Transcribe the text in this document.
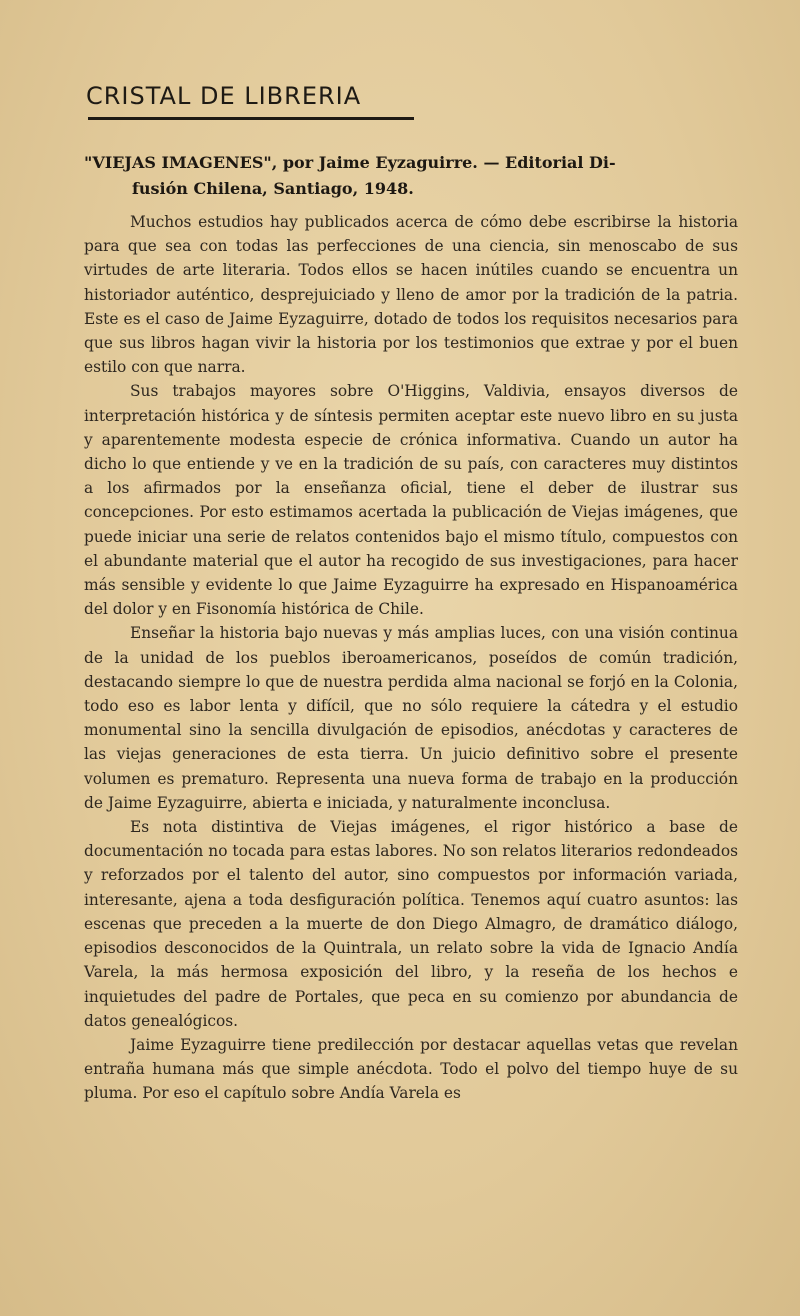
CRISTAL DE LIBRERIA
"VIEJAS IMAGENES", por Jaime Eyzaguirre. — Editorial Di-
fusión Chilena, Santiago, 1948.

Muchos estudios hay publicados acerca de cómo debe escribirse la historia para que sea con todas las perfecciones de una ciencia, sin menoscabo de sus virtudes de arte literaria. Todos ellos se hacen inútiles cuando se encuentra un historiador auténtico, desprejuiciado y lleno de amor por la tradición de la patria. Este es el caso de Jaime Eyzaguirre, dotado de todos los requisitos necesarios para que sus libros hagan vivir la historia por los testimonios que extrae y por el buen estilo con que narra.

Sus trabajos mayores sobre O'Higgins, Valdivia, ensayos diversos de interpretación histórica y de síntesis permiten aceptar este nuevo libro en su justa y aparentemente modesta especie de crónica informativa. Cuando un autor ha dicho lo que entiende y ve en la tradición de su país, con caracteres muy distintos a los afirmados por la enseñanza oficial, tiene el deber de ilustrar sus concepciones. Por esto estimamos acertada la publicación de Viejas imágenes, que puede iniciar una serie de relatos contenidos bajo el mismo título, compuestos con el abundante material que el autor ha recogido de sus investigaciones, para hacer más sensible y evidente lo que Jaime Eyzaguirre ha expresado en Hispanoamérica del dolor y en Fisonomía histórica de Chile.

Enseñar la historia bajo nuevas y más amplias luces, con una visión continua de la unidad de los pueblos iberoamericanos, poseídos de común tradición, destacando siempre lo que de nuestra perdida alma nacional se forjó en la Colonia, todo eso es labor lenta y difícil, que no sólo requiere la cátedra y el estudio monumental sino la sencilla divulgación de episodios, anécdotas y caracteres de las viejas generaciones de esta tierra. Un juicio definitivo sobre el presente volumen es prematuro. Representa una nueva forma de trabajo en la producción de Jaime Eyzaguirre, abierta e iniciada, y naturalmente inconclusa.

Es nota distintiva de Viejas imágenes, el rigor histórico a base de documentación no tocada para estas labores. No son relatos literarios redondeados y reforzados por el talento del autor, sino compuestos por información variada, interesante, ajena a toda desfiguración política. Tenemos aquí cuatro asuntos: las escenas que preceden a la muerte de don Diego Almagro, de dramático diálogo, episodios desconocidos de la Quintrala, un relato sobre la vida de Ignacio Andía Varela, la más hermosa exposición del libro, y la reseña de los hechos e inquietudes del padre de Portales, que peca en su comienzo por abundancia de datos genealógicos.

Jaime Eyzaguirre tiene predilección por destacar aquellas vetas que revelan entraña humana más que simple anécdota. Todo el polvo del tiempo huye de su pluma. Por eso el capítulo sobre Andía Varela es
